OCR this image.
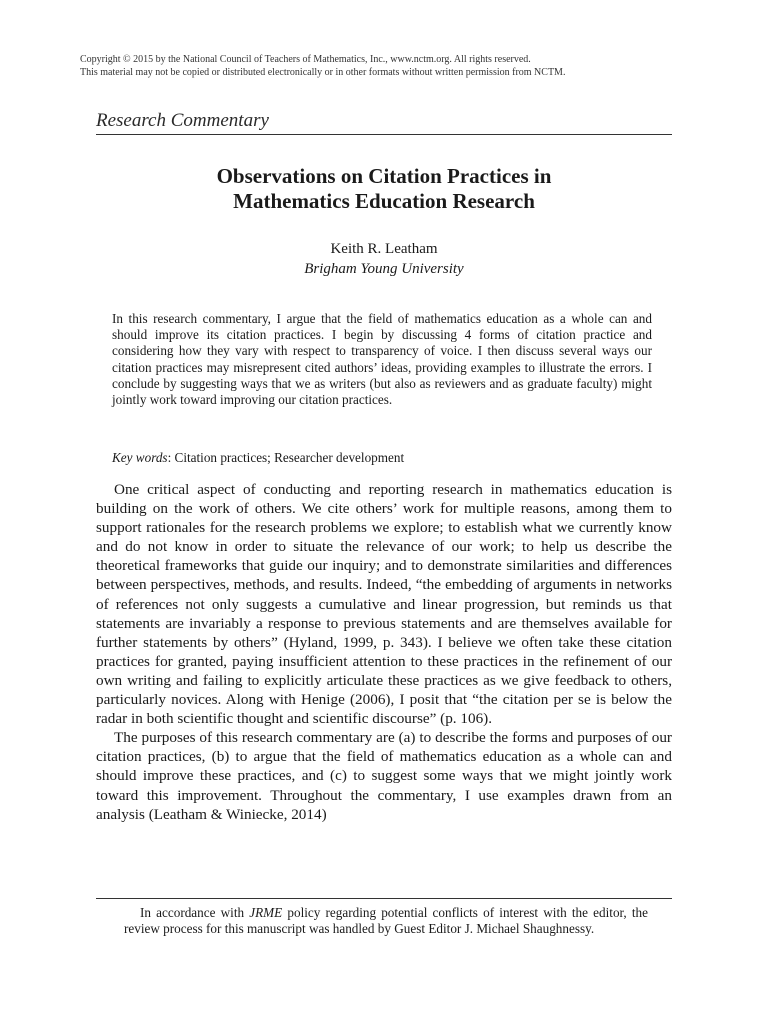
Copyright © 2015 by the National Council of Teachers of Mathematics, Inc., www.nctm.org. All rights reserved.
This material may not be copied or distributed electronically or in other formats without written permission from NCTM.
Research Commentary
Observations on Citation Practices in
Mathematics Education Research
Keith R. Leatham
Brigham Young University
In this research commentary, I argue that the field of mathematics education as a whole can and should improve its citation practices. I begin by discussing 4 forms of citation practice and considering how they vary with respect to transparency of voice. I then discuss several ways our citation practices may misrepresent cited authors’ ideas, providing examples to illustrate the errors. I conclude by suggesting ways that we as writers (but also as reviewers and as graduate faculty) might jointly work toward improving our citation practices.
Key words: Citation practices; Researcher development

One critical aspect of conducting and reporting research in mathematics education is building on the work of others. We cite others’ work for multiple reasons, among them to support rationales for the research problems we explore; to establish what we currently know and do not know in order to situate the relevance of our work; to help us describe the theoretical frameworks that guide our inquiry; and to demonstrate similarities and differences between perspectives, methods, and results. Indeed, “the embedding of arguments in networks of references not only suggests a cumulative and linear progression, but reminds us that statements are invariably a response to previous statements and are themselves available for further statements by others” (Hyland, 1999, p. 343). I believe we often take these citation practices for granted, paying insufficient attention to these practices in the refinement of our own writing and failing to explicitly articulate these practices as we give feedback to others, particularly novices. Along with Henige (2006), I posit that “the citation per se is below the radar in both scientific thought and scientific discourse” (p. 106).

The purposes of this research commentary are (a) to describe the forms and purposes of our citation practices, (b) to argue that the field of mathematics education as a whole can and should improve these practices, and (c) to suggest some ways that we might jointly work toward this improvement. Throughout the commentary, I use examples drawn from an analysis (Leatham & Winiecke, 2014)

In accordance with JRME policy regarding potential conflicts of interest with the editor, the review process for this manuscript was handled by Guest Editor J. Michael Shaughnessy.
